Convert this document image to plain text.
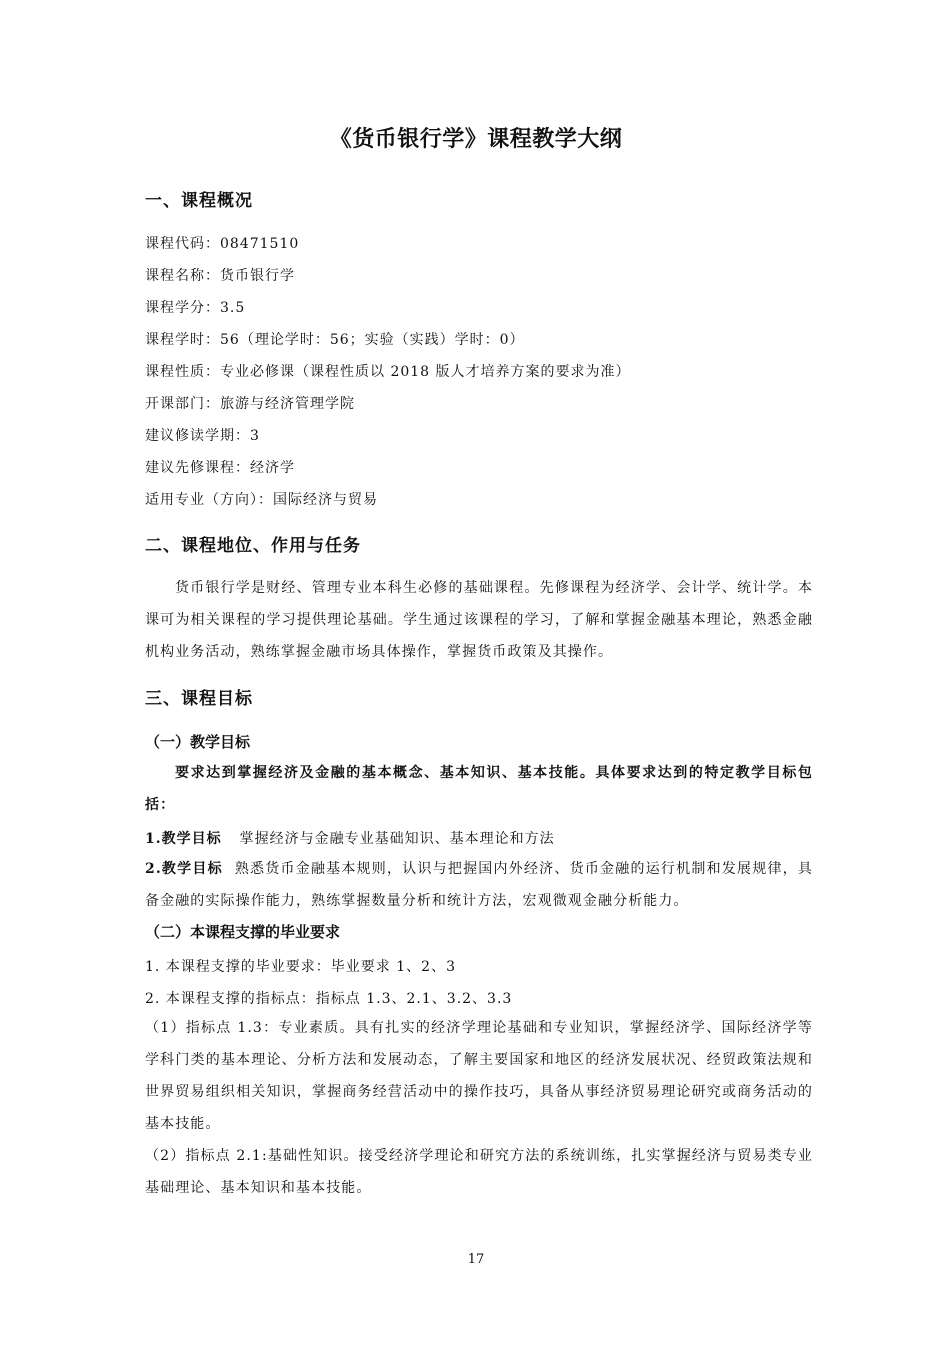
《货币银行学》课程教学大纲
一、课程概况
课程代码：08471510
课程名称：货币银行学
课程学分：3.5
课程学时：56（理论学时：56；实验（实践）学时：0）
课程性质：专业必修课（课程性质以 2018 版人才培养方案的要求为准）
开课部门：旅游与经济管理学院
建议修读学期：3
建议先修课程：经济学
适用专业（方向）：国际经济与贸易
二、课程地位、作用与任务
货币银行学是财经、管理专业本科生必修的基础课程。先修课程为经济学、会计学、统计学。本课可为相关课程的学习提供理论基础。学生通过该课程的学习，了解和掌握金融基本理论，熟悉金融机构业务活动，熟练掌握金融市场具体操作，掌握货币政策及其操作。
三、课程目标
（一）教学目标
要求达到掌握经济及金融的基本概念、基本知识、基本技能。具体要求达到的特定教学目标包括：
1.教学目标 掌握经济与金融专业基础知识、基本理论和方法
2.教学目标 熟悉货币金融基本规则，认识与把握国内外经济、货币金融的运行机制和发展规律，具备金融的实际操作能力，熟练掌握数量分析和统计方法，宏观微观金融分析能力。
（二）本课程支撑的毕业要求
1. 本课程支撑的毕业要求：毕业要求 1、2、3
2. 本课程支撑的指标点：指标点 1.3、2.1、3.2、3.3
（1）指标点 1.3：专业素质。具有扎实的经济学理论基础和专业知识，掌握经济学、国际经济学等学科门类的基本理论、分析方法和发展动态，了解主要国家和地区的经济发展状况、经贸政策法规和世界贸易组织相关知识，掌握商务经营活动中的操作技巧，具备从事经济贸易理论研究或商务活动的基本技能。
（2）指标点 2.1:基础性知识。接受经济学理论和研究方法的系统训练，扎实掌握经济与贸易类专业基础理论、基本知识和基本技能。
17
